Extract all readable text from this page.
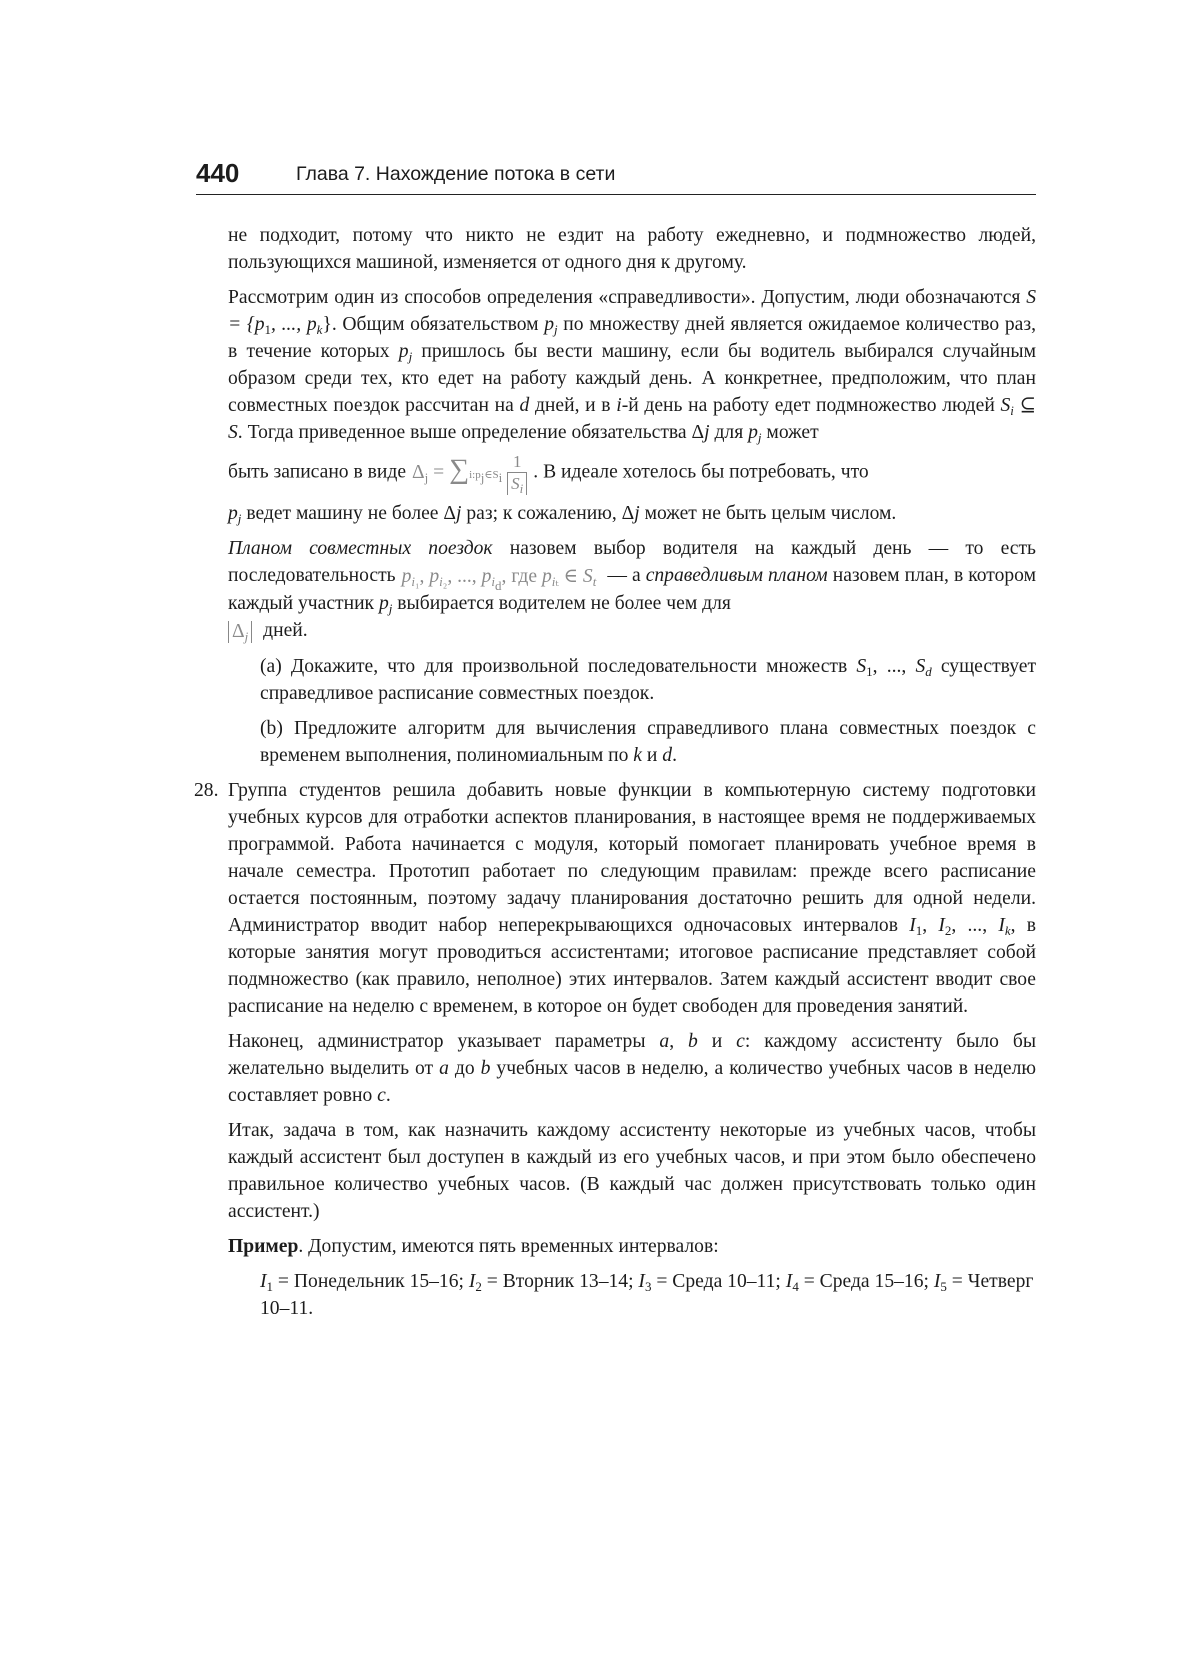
440	Глава 7. Нахождение потока в сети

не подходит, потому что никто не ездит на работу ежедневно, и подмножество людей, пользующихся машиной, изменяется от одного дня к другому.

Рассмотрим один из способов определения «справедливости». Допустим, люди обозначаются $S = \{p_1$, ..., $p_k$}. Общим обязательством $p_j$ по множеству дней является ожидаемое количество раз, в течение которых $p_j$ пришлось бы вести машину, если бы водитель выбирался случайным образом среди тех, кто едет на работу каждый день. А конкретнее, предположим, что план совместных поездок рассчитан на d дней, и в i-й день на работу едет подмножество людей $S_i$ ⊆ S. Тогда приведенное выше определение обязательства Δj для $p_j$ может
быть записано в виде $\Delta_j$ = $\sum i:p_j\in S_i \frac{1}{S_i}$ . В идеале хотелось бы потребовать, что
$p_j$ ведет машину не более Δj раз; к сожалению, Δj может не быть целым числом.

Планом совместных поездок назовем выбор водителя на каждый день — то есть последовательность $p_{i_1}$, $p_{i_2}$, ..., $p_{i_d}$, где $p_{i_t}$ ∈ $S_t$ — а справедливым планом назовем план, в котором каждый участник $p_j$ выбирается водителем не более чем для
$\Delta_j$ дней.

(a) Докажите, что для произвольной последовательности множеств $S_1$, ..., $S_d$ существует справедливое расписание совместных поездок.

(b) Предложите алгоритм для вычисления справедливого плана совместных поездок с временем выполнения, полиномиальным по k и d.

28. Группа студентов решила добавить новые функции в компьютерную систему подготовки учебных курсов для отработки аспектов планирования, в настоящее время не поддерживаемых программой. Работа начинается с модуля, который помогает планировать учебное время в начале семестра. Прототип работает по следующим правилам: прежде всего расписание остается постоянным, поэтому задачу планирования достаточно решить для одной недели. Администратор вводит набор неперекрывающихся одночасовых интервалов $I_1$, $I_2$, ..., $I_k$, в которые занятия могут проводиться ассистентами; итоговое расписание представляет собой подмножество (как правило, неполное) этих интервалов. Затем каждый ассистент вводит свое расписание на неделю с временем, в которое он будет свободен для проведения занятий.

Наконец, администратор указывает параметры a, b и c: каждому ассистенту было бы желательно выделить от a до b учебных часов в неделю, а количество учебных часов в неделю составляет ровно c.

Итак, задача в том, как назначить каждому ассистенту некоторые из учебных часов, чтобы каждый ассистент был доступен в каждый из его учебных часов, и при этом было обеспечено правильное количество учебных часов. (В каждый час должен присутствовать только один ассистент.)

Пример. Допустим, имеются пять временных интервалов:

$I_1$ = Понедельник 15–16; $I_2$ = Вторник 13–14; $I_3$ = Среда 10–11; $I_4$ = Среда 15–16; $I_5$ = Четверг 10–11.
